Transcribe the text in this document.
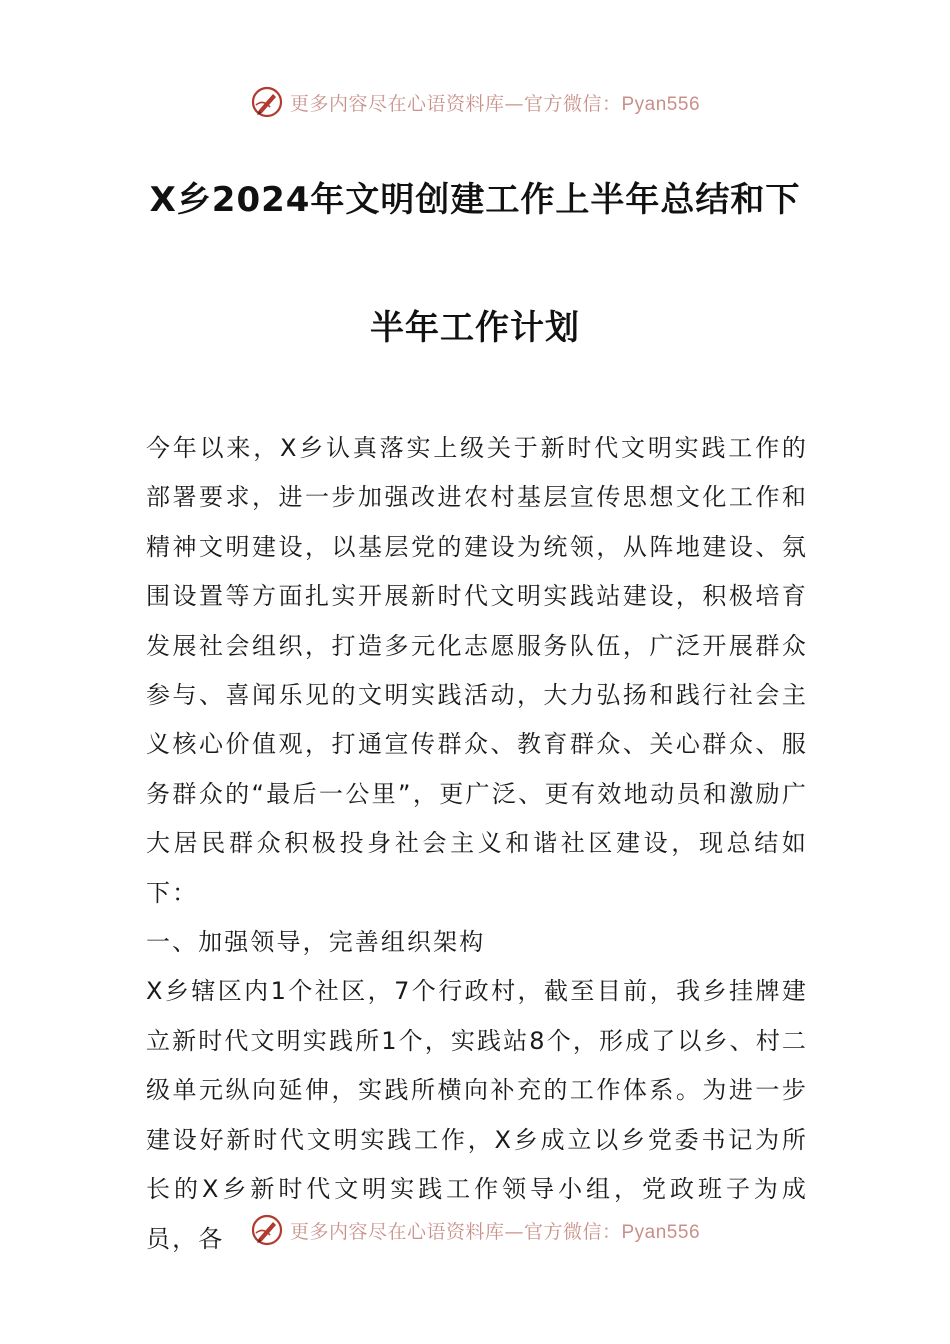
更多内容尽在心语资料库—官方微信：Pyan556
X乡2024年文明创建工作上半年总结和下
半年工作计划

今年以来，X乡认真落实上级关于新时代文明实践工作的部署要求，进一步加强改进农村基层宣传思想文化工作和精神文明建设，以基层党的建设为统领，从阵地建设、氛围设置等方面扎实开展新时代文明实践站建设，积极培育发展社会组织，打造多元化志愿服务队伍，广泛开展群众参与、喜闻乐见的文明实践活动，大力弘扬和践行社会主义核心价值观，打通宣传群众、教育群众、关心群众、服务群众的“最后一公里”，更广泛、更有效地动员和激励广大居民群众积极投身社会主义和谐社区建设，现总结如下：

一、加强领导，完善组织架构

X乡辖区内1个社区，7个行政村，截至目前，我乡挂牌建立新时代文明实践所1个，实践站8个，形成了以乡、村二级单元纵向延伸，实践所横向补充的工作体系。为进一步建设好新时代文明实践工作，X乡成立以乡党委书记为所长的X乡新时代文明实践工作领导小组，党政班子为成员，各	更多内容尽在心语资料库—官方微信：Pyan556
